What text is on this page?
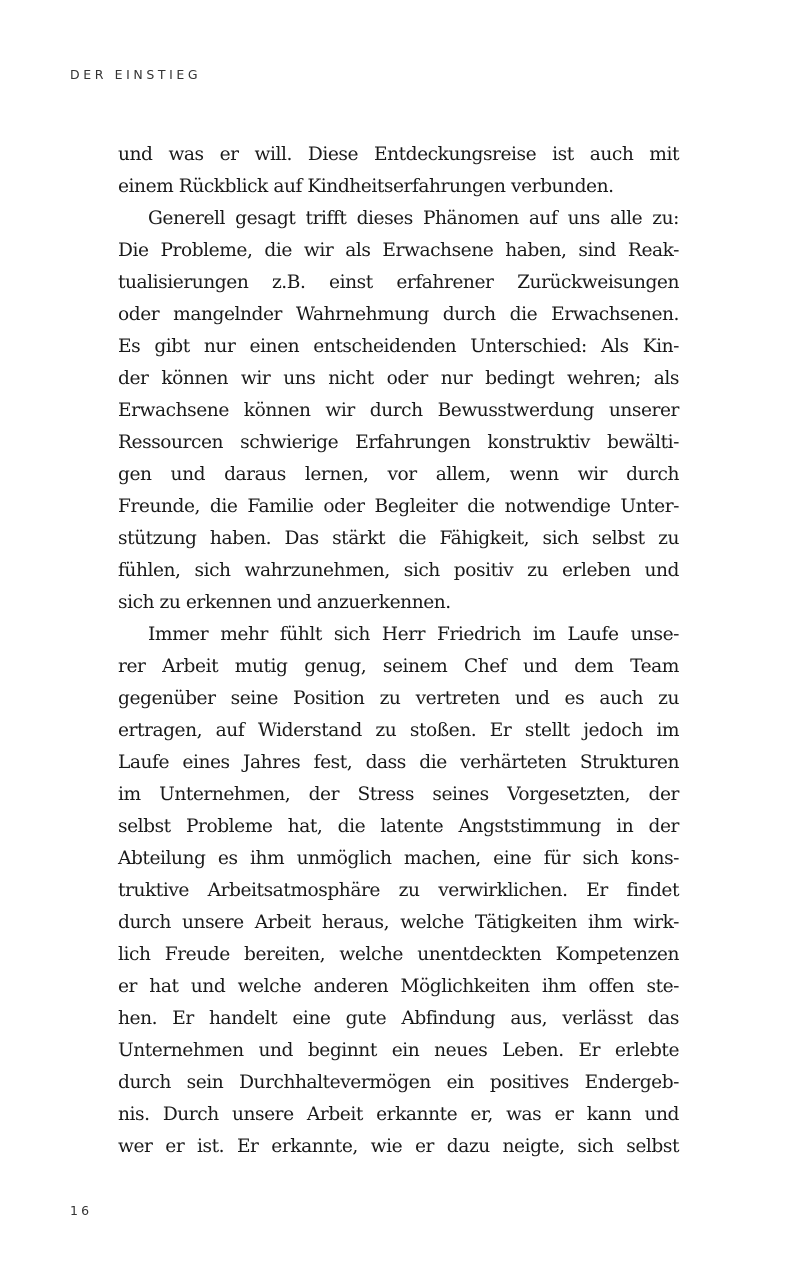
DER EINSTIEG
und was er will. Diese Entdeckungsreise ist auch mit
einem Rückblick auf Kindheitserfahrungen verbunden.
Generell gesagt trifft dieses Phänomen auf uns alle zu:
Die Probleme, die wir als Erwachsene haben, sind Reak-
tualisierungen z.B. einst erfahrener Zurückweisungen
oder mangelnder Wahrnehmung durch die Erwachsenen.
Es gibt nur einen entscheidenden Unterschied: Als Kin-
der können wir uns nicht oder nur bedingt wehren; als
Erwachsene können wir durch Bewusstwerdung unserer
Ressourcen schwierige Erfahrungen konstruktiv bewälti-
gen und daraus lernen, vor allem, wenn wir durch
Freunde, die Familie oder Begleiter die notwendige Unter-
stützung haben. Das stärkt die Fähigkeit, sich selbst zu
fühlen, sich wahrzunehmen, sich positiv zu erleben und
sich zu erkennen und anzuerkennen.
Immer mehr fühlt sich Herr Friedrich im Laufe unse-
rer Arbeit mutig genug, seinem Chef und dem Team
gegenüber seine Position zu vertreten und es auch zu
ertragen, auf Widerstand zu stoßen. Er stellt jedoch im
Laufe eines Jahres fest, dass die verhärteten Strukturen
im Unternehmen, der Stress seines Vorgesetzten, der
selbst Probleme hat, die latente Angststimmung in der
Abteilung es ihm unmöglich machen, eine für sich kons-
truktive Arbeitsatmosphäre zu verwirklichen. Er findet
durch unsere Arbeit heraus, welche Tätigkeiten ihm wirk-
lich Freude bereiten, welche unentdeckten Kompetenzen
er hat und welche anderen Möglichkeiten ihm offen ste-
hen. Er handelt eine gute Abfindung aus, verlässt das
Unternehmen und beginnt ein neues Leben. Er erlebte
durch sein Durchhaltevermögen ein positives Endergeb-
nis. Durch unsere Arbeit erkannte er, was er kann und
wer er ist. Er erkannte, wie er dazu neigte, sich selbst
16
